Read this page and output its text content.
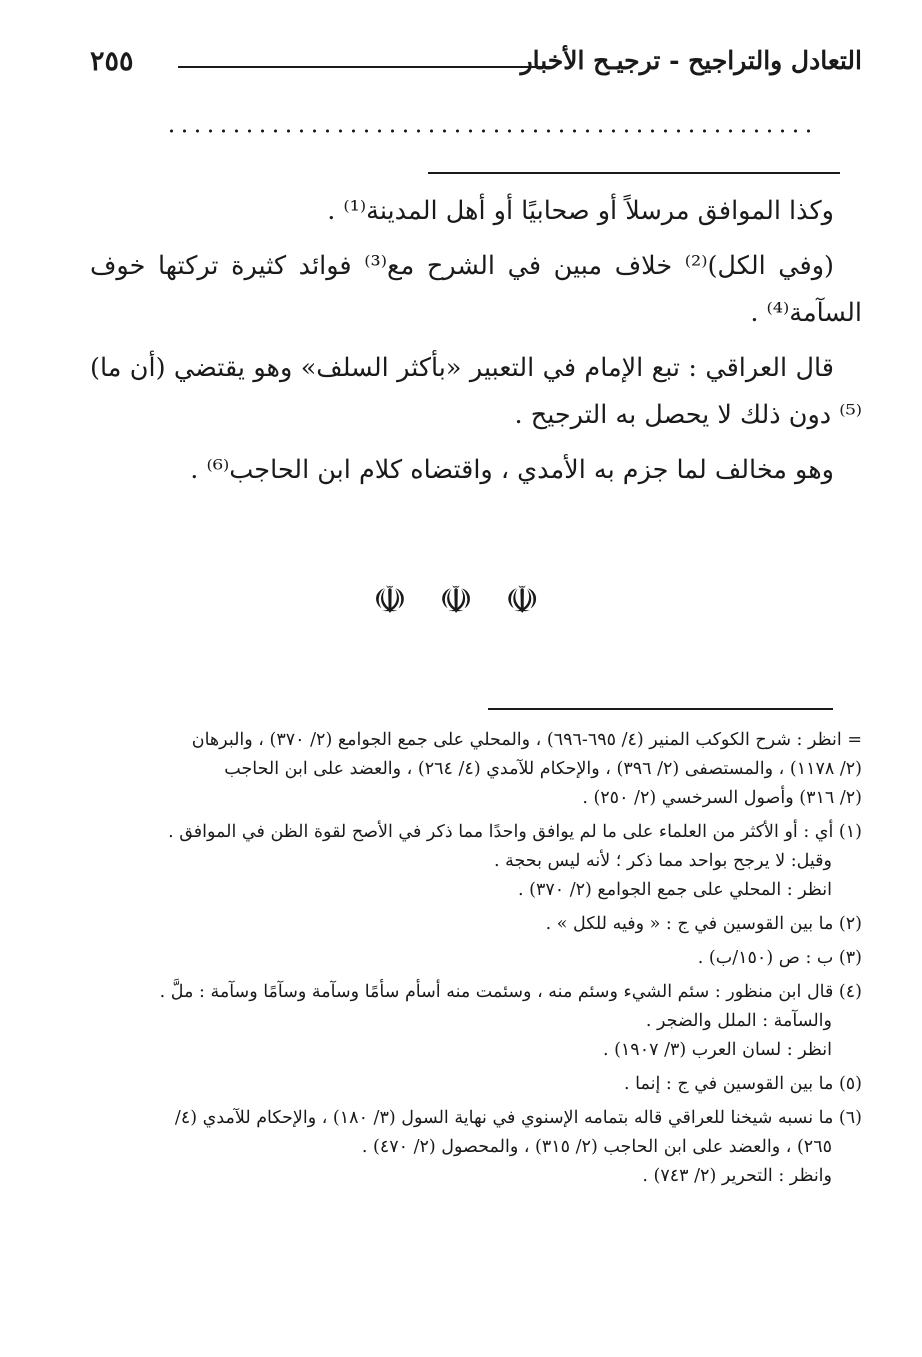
التعادل والتراجيح - ترجيـح الأخبار
٢٥٥

وكذا الموافق مرسلاً أو صحابيًا أو أهل المدينة⁽¹⁾ .

(وفي الكل)⁽²⁾ خلاف مبين في الشرح مع⁽³⁾ فوائد كثيرة تركتها خوف السآمة⁽⁴⁾ .

قال العراقي : تبع الإمام في التعبير «بأكثر السلف» وهو يقتضي (أن ما)⁽⁵⁾ دون ذلك لا يحصل به الترجيح .

وهو مخالف لما جزم به الأمدي ، واقتضاه كلام ابن الحاجب⁽⁶⁾ .

☫ ☫ ☫
= انظر : شرح الكوكب المنير (٤/ ٦٩٥-٦٩٦) ، والمحلي على جمع الجوامع (٢/ ٣٧٠) ، والبرهان
(٢/ ١١٧٨) ، والمستصفى (٢/ ٣٩٦) ، والإحكام للآمدي (٤/ ٢٦٤) ، والعضد على ابن الحاجب
(٢/ ٣١٦) وأصول السرخسي (٢/ ٢٥٠) .
(١) أي : أو الأكثر من العلماء على ما لم يوافق واحدًا مما ذكر في الأصح لقوة الظن في الموافق .
وقيل: لا يرجح بواحد مما ذكر ؛ لأنه ليس بحجة .
انظر : المحلي على جمع الجوامع (٢/ ٣٧٠) .
(٢) ما بين القوسين في ج : « وفيه للكل » .
(٣) ب : ص (١٥٠/ب) .
(٤) قال ابن منظور : سئم الشيء وسئم منه ، وسئمت منه أسأم سأمًا وسآمة وسآمًا وسآمة : ملَّ .
والسآمة : الملل والضجر .
انظر : لسان العرب (٣/ ١٩٠٧) .
(٥) ما بين القوسين في ج : إنما .
(٦) ما نسبه شيخنا للعراقي قاله بتمامه الإسنوي في نهاية السول (٣/ ١٨٠) ، والإحكام للآمدي (٤/
٢٦٥) ، والعضد على ابن الحاجب (٢/ ٣١٥) ، والمحصول (٢/ ٤٧٠) .
وانظر : التحرير (٢/ ٧٤٣) .
